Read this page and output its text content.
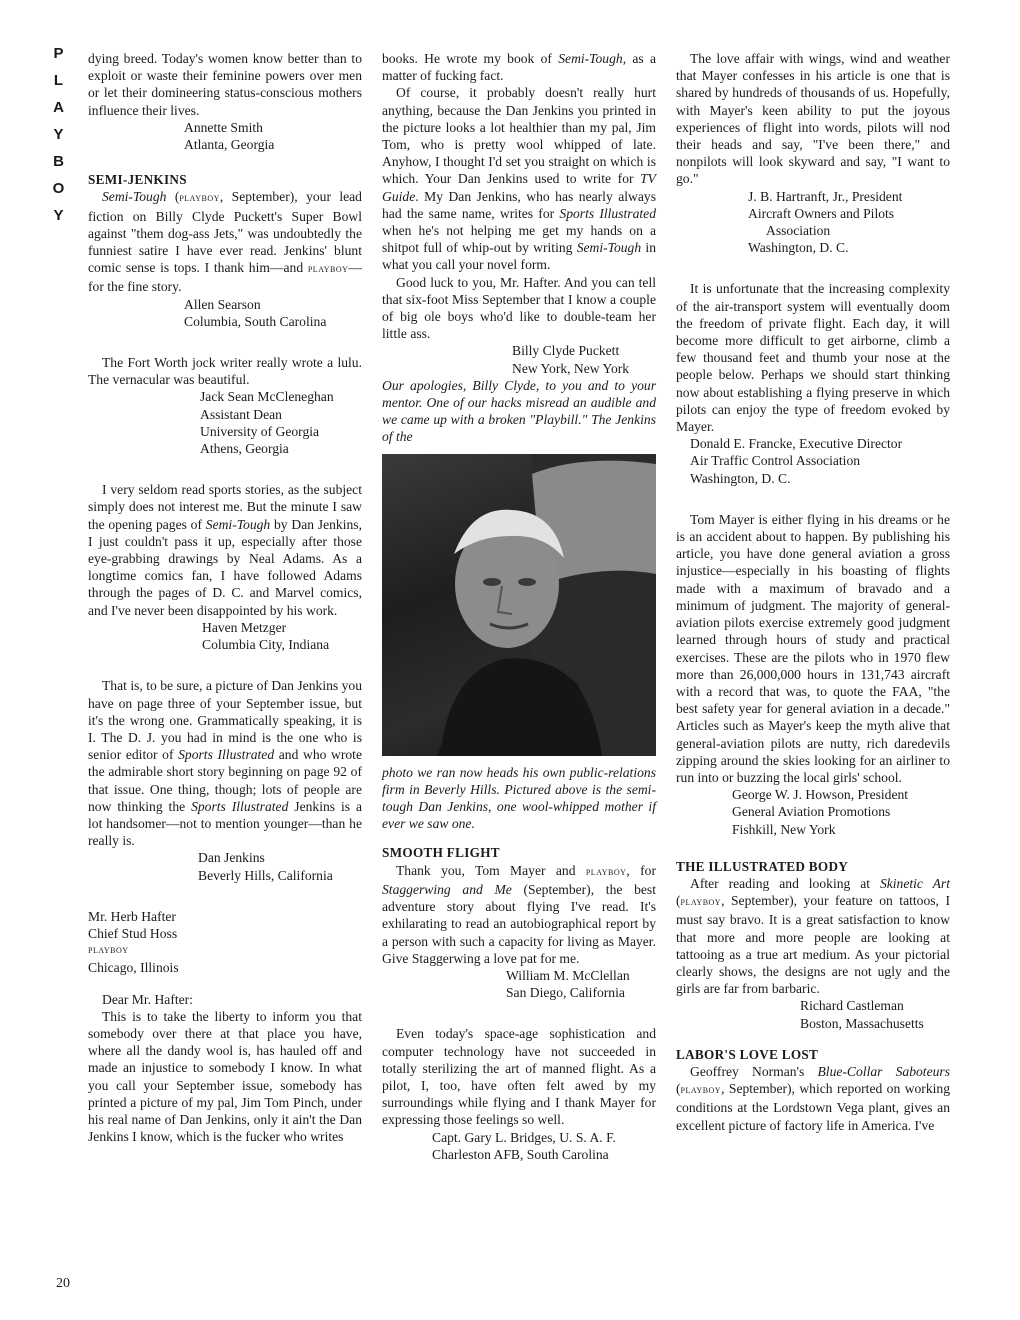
P
L
A
Y
B
O
Y
20

dying breed. Today's women know better than to exploit or waste their feminine powers over men or let their domineering status-conscious mothers influence their lives.

Annette Smith
Atlanta, Georgia
SEMI-JENKINS

Semi-Tough (playboy, September), your lead fiction on Billy Clyde Puckett's Super Bowl against "them dog-ass Jets," was undoubtedly the funniest satire I have ever read. Jenkins' blunt comic sense is tops. I thank him—and playboy—for the fine story.

Allen Searson
Columbia, South Carolina

The Fort Worth jock writer really wrote a lulu. The vernacular was beautiful.

Jack Sean McCleneghan
Assistant Dean
University of Georgia
Athens, Georgia

I very seldom read sports stories, as the subject simply does not interest me. But the minute I saw the opening pages of Semi-Tough by Dan Jenkins, I just couldn't pass it up, especially after those eye-grabbing drawings by Neal Adams. As a longtime comics fan, I have followed Adams through the pages of D. C. and Marvel comics, and I've never been disappointed by his work.

Haven Metzger
Columbia City, Indiana

That is, to be sure, a picture of Dan Jenkins you have on page three of your September issue, but it's the wrong one. Grammatically speaking, it is I. The D. J. you had in mind is the one who is senior editor of Sports Illustrated and who wrote the admirable short story beginning on page 92 of that issue. One thing, though; lots of people are now thinking the Sports Illustrated Jenkins is a lot handsomer—not to mention younger—than he really is.

Dan Jenkins
Beverly Hills, California
Mr. Herb Hafter
Chief Stud Hoss
playboy
Chicago, Illinois

Dear Mr. Hafter:

This is to take the liberty to inform you that somebody over there at that place you have, where all the dandy wool is, has hauled off and made an injustice to somebody I know. In what you call your September issue, somebody has printed a picture of my pal, Jim Tom Pinch, under his real name of Dan Jenkins, only it ain't the Dan Jenkins I know, which is the fucker who writes

books. He wrote my book of Semi-Tough, as a matter of fucking fact.

Of course, it probably doesn't really hurt anything, because the Dan Jenkins you printed in the picture looks a lot healthier than my pal, Jim Tom, who is pretty wool whipped of late. Anyhow, I thought I'd set you straight on which is which. Your Dan Jenkins used to write for TV Guide. My Dan Jenkins, who has nearly always had the same name, writes for Sports Illustrated when he's not helping me get my hands on a shitpot full of whip-out by writing Semi-Tough in what you call your novel form.

Good luck to you, Mr. Hafter. And you can tell that six-foot Miss September that I know a couple of big ole boys who'd like to double-team her little ass.

Billy Clyde Puckett
New York, New York

Our apologies, Billy Clyde, to you and to your mentor. One of our hacks misread an audible and we came up with a broken "Playbill." The Jenkins of the

photo we ran now heads his own public-relations firm in Beverly Hills. Pictured above is the semi-tough Dan Jenkins, one wool-whipped mother if ever we saw one.

SMOOTH FLIGHT

Thank you, Tom Mayer and playboy, for Staggerwing and Me (September), the best adventure story about flying I've read. It's exhilarating to read an autobiographical report by a person with such a capacity for living as Mayer. Give Staggerwing a love pat for me.

William M. McClellan
San Diego, California

Even today's space-age sophistication and computer technology have not succeeded in totally sterilizing the art of manned flight. As a pilot, I, too, have often felt awed by my surroundings while flying and I thank Mayer for expressing those feelings so well.

Capt. Gary L. Bridges, U. S. A. F.
Charleston AFB, South Carolina

The love affair with wings, wind and weather that Mayer confesses in his article is one that is shared by hundreds of thousands of us. Hopefully, with Mayer's keen ability to put the joyous experiences of flight into words, pilots will nod their heads and say, "I've been there," and nonpilots will look skyward and say, "I want to go."

J. B. Hartranft, Jr., President
Aircraft Owners and Pilots
Association
Washington, D. C.

It is unfortunate that the increasing complexity of the air-transport system will eventually doom the freedom of private flight. Each day, it will become more difficult to get airborne, climb a few thousand feet and thumb your nose at the people below. Perhaps we should start thinking now about establishing a flying preserve in which pilots can enjoy the type of freedom evoked by Mayer.

Donald E. Francke, Executive Director
Air Traffic Control Association
Washington, D. C.

Tom Mayer is either flying in his dreams or he is an accident about to happen. By publishing his article, you have done general aviation a gross injustice—especially in his boasting of flights made with a maximum of bravado and a minimum of judgment. The majority of general-aviation pilots exercise extremely good judgment learned through hours of study and practical exercises. These are the pilots who in 1970 flew more than 26,000,000 hours in 131,743 aircraft with a record that was, to quote the FAA, "the best safety year for general aviation in a decade." Articles such as Mayer's keep the myth alive that general-aviation pilots are nutty, rich daredevils zipping around the skies looking for an airliner to run into or buzzing the local girls' school.

George W. J. Howson, President
General Aviation Promotions
Fishkill, New York
THE ILLUSTRATED BODY

After reading and looking at Skinetic Art (playboy, September), your feature on tattoos, I must say bravo. It is a great satisfaction to know that more and more people are looking at tattooing as a true art medium. As your pictorial clearly shows, the designs are not ugly and the girls are far from barbaric.

Richard Castleman
Boston, Massachusetts
LABOR'S LOVE LOST

Geoffrey Norman's Blue-Collar Saboteurs (playboy, September), which reported on working conditions at the Lordstown Vega plant, gives an excellent picture of factory life in America. I've
